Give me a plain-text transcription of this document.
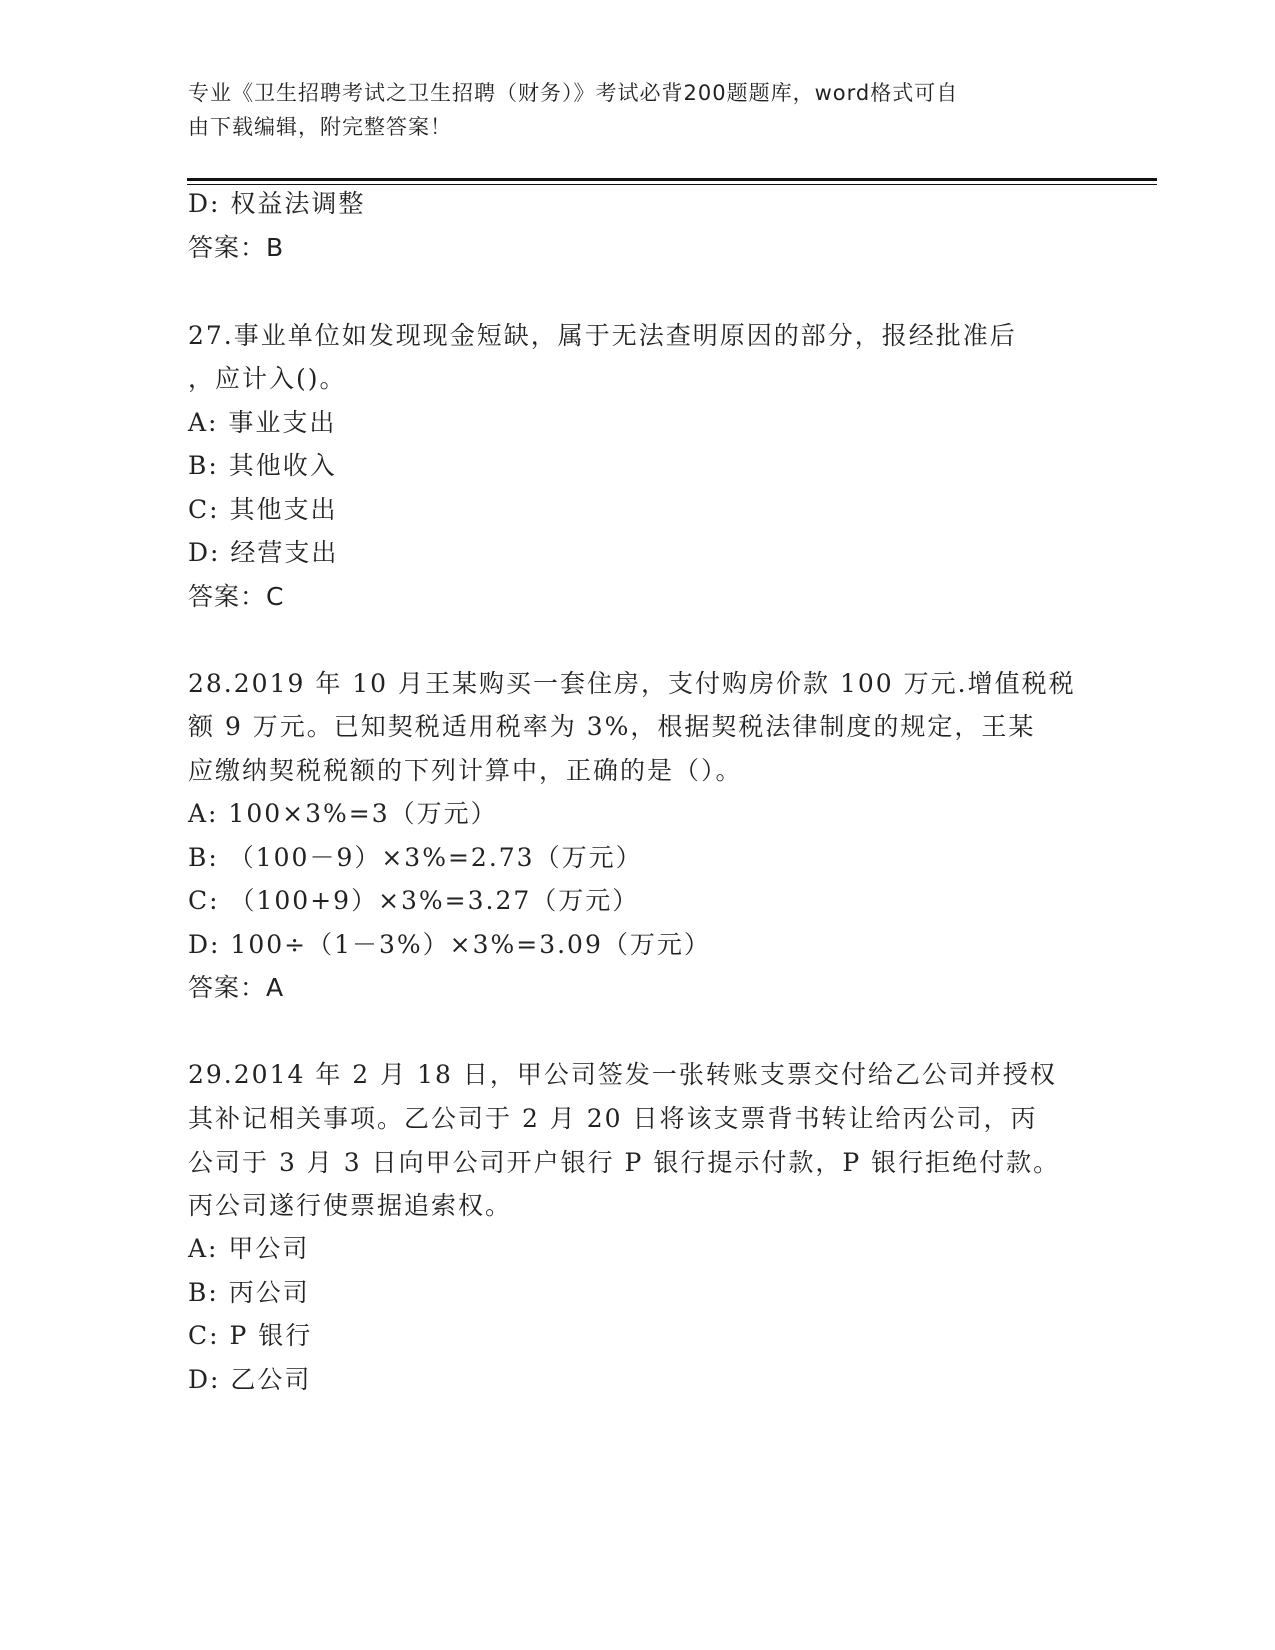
专业《卫生招聘考试之卫生招聘（财务）》考试必背200题题库，word格式可自
由下载编辑，附完整答案！
D: 权益法调整
答案：B
27.事业单位如发现现金短缺，属于无法查明原因的部分，报经批准后
，应计入()。
A: 事业支出
B: 其他收入
C: 其他支出
D: 经营支出
答案：C
28.2019 年 10 月王某购买一套住房，支付购房价款 100 万元.增值税税
额 9 万元。已知契税适用税率为 3%，根据契税法律制度的规定，王某
应缴纳契税税额的下列计算中，正确的是（）。
A: 100×3%=3（万元）
B: （100－9）×3%=2.73（万元）
C: （100+9）×3%=3.27（万元）
D: 100÷（1－3%）×3%=3.09（万元）
答案：A
29.2014 年 2 月 18 日，甲公司签发一张转账支票交付给乙公司并授权
其补记相关事项。乙公司于 2 月 20 日将该支票背书转让给丙公司，丙
公司于 3 月 3 日向甲公司开户银行 P 银行提示付款，P 银行拒绝付款。
丙公司遂行使票据追索权。
A: 甲公司
B: 丙公司
C: P 银行
D: 乙公司
